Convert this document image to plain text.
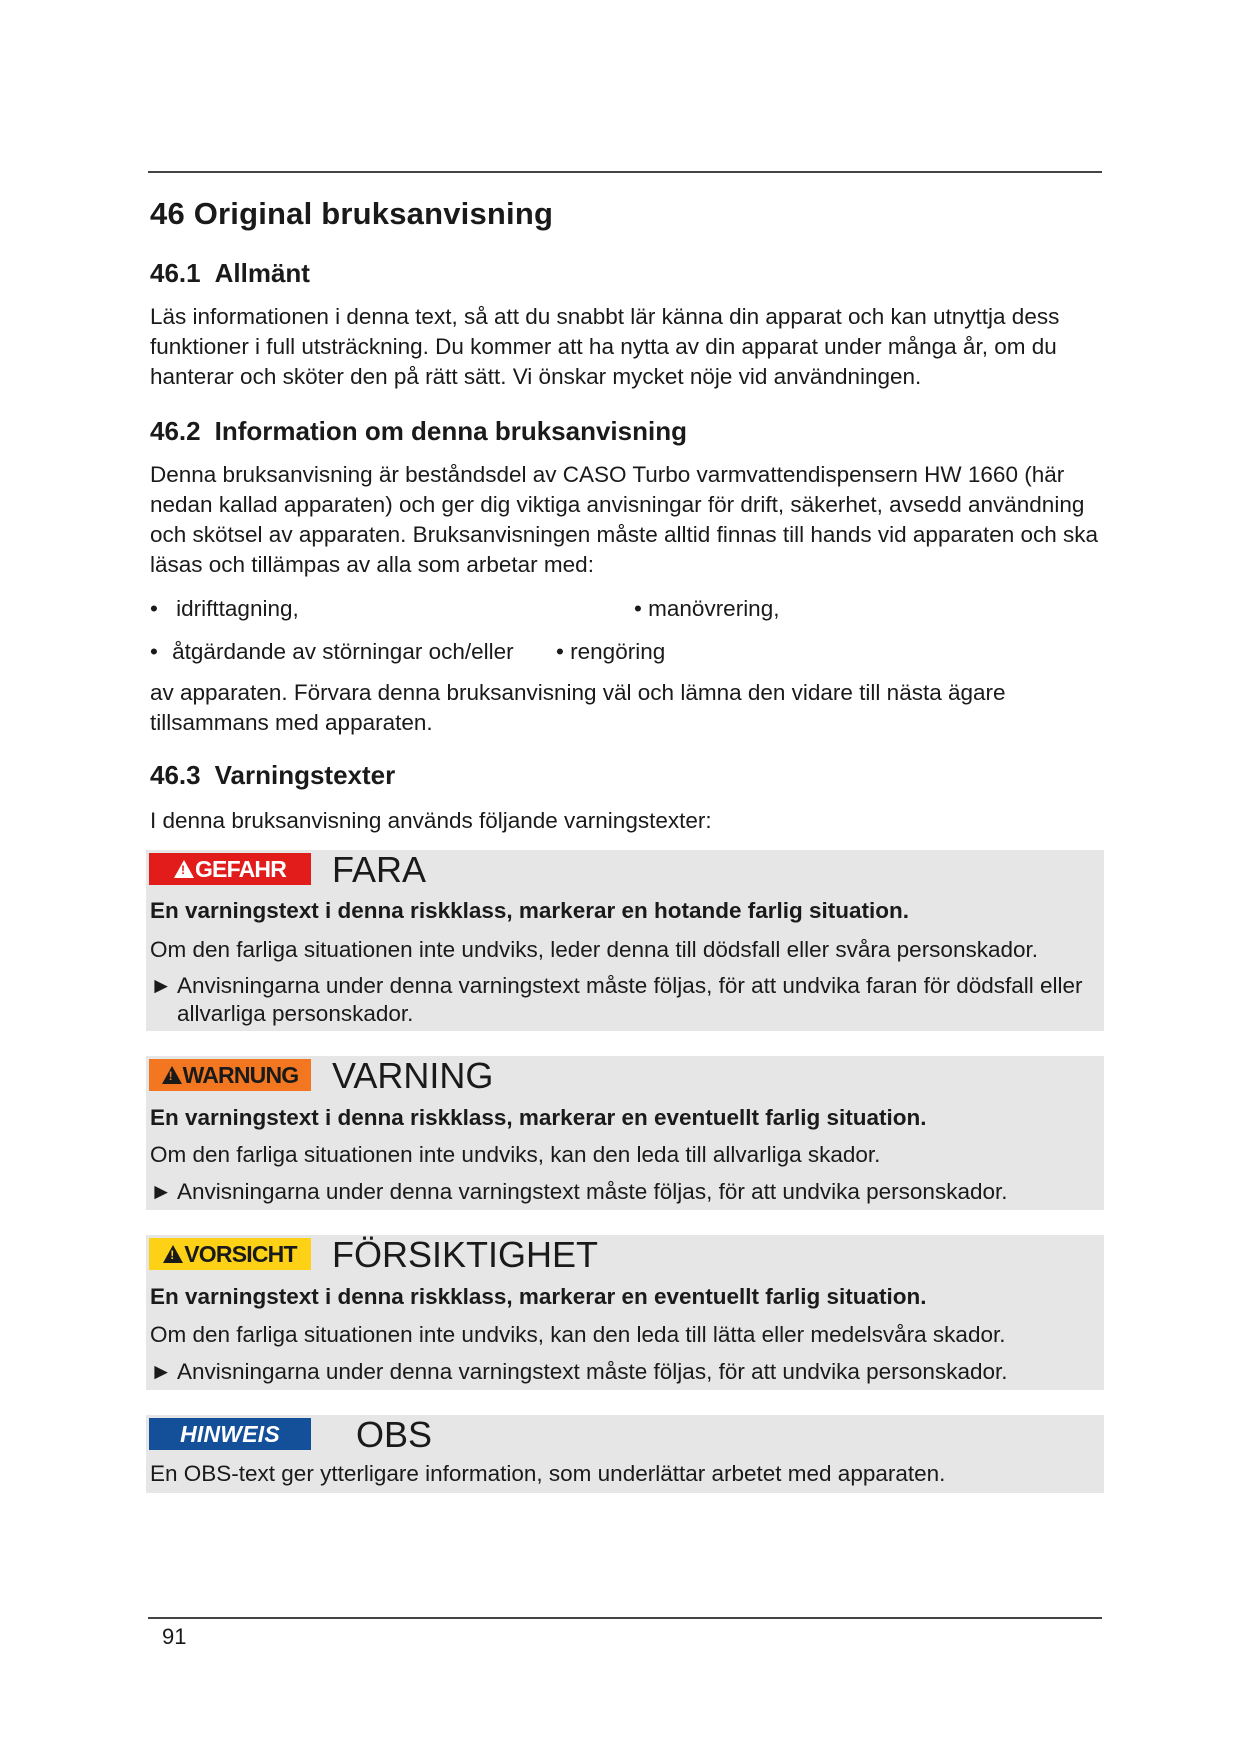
46 Original bruksanvisning
46.1 Allmänt

Läs informationen i denna text, så att du snabbt lär känna din apparat och kan utnyttja dess funktioner i full utsträckning. Du kommer att ha nytta av din apparat under många år, om du hanterar och sköter den på rätt sätt. Vi önskar mycket nöje vid användningen.

46.2 Information om denna bruksanvisning

Denna bruksanvisning är beståndsdel av CASO Turbo varmvattendispensern HW 1660 (här nedan kallad apparaten) och ger dig viktiga anvisningar för drift, säkerhet, avsedd användning och skötsel av apparaten. Bruksanvisningen måste alltid finnas till hands vid apparaten och ska läsas och tillämpas av alla som arbetar med:

• idrifttagning,	• manövrering,
• åtgärdande av störningar och/eller • rengöring

av apparaten. Förvara denna bruksanvisning väl och lämna den vidare till nästa ägare tillsammans med apparaten.

46.3 Varningstexter

I denna bruksanvisning används följande varningstexter:

!GEFAHR	FARA
En varningstext i denna riskklass, markerar en hotande farlig situation.
Om den farliga situationen inte undviks, leder denna till dödsfall eller svåra personskador.
► Anvisningarna under denna varningstext måste följas, för att undvika faran för dödsfall eller allvarliga personskador.
!WARNUNG VARNING
En varningstext i denna riskklass, markerar en eventuellt farlig situation.
Om den farliga situationen inte undviks, kan den leda till allvarliga skador.
► Anvisningarna under denna varningstext måste följas, för att undvika personskador.
!VORSICHT FÖRSIKTIGHET
En varningstext i denna riskklass, markerar en eventuellt farlig situation.
Om den farliga situationen inte undviks, kan den leda till lätta eller medelsvåra skador.
► Anvisningarna under denna varningstext måste följas, för att undvika personskador.
HINWEIS	OBS
En OBS-text ger ytterligare information, som underlättar arbetet med apparaten.
91
